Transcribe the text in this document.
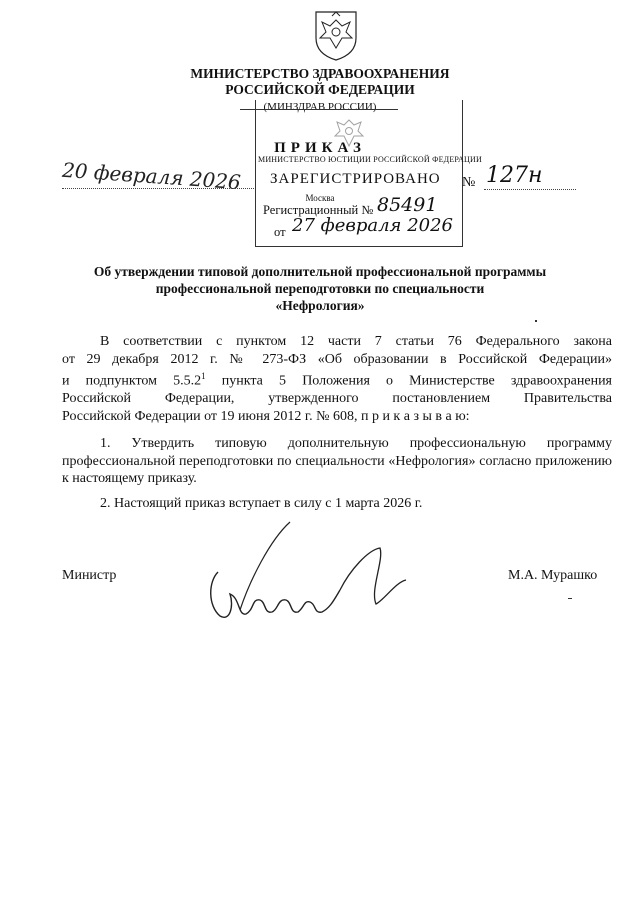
МИНИСТЕРСТВО ЗДРАВООХРАНЕНИЯ
РОССИЙСКОЙ ФЕДЕРАЦИИ
(МИНЗДРАВ РОССИИ)
ПРИКАЗ
МИНИСТЕРСТВО ЮСТИЦИИ РОССИЙСКОЙ ФЕДЕРАЦИИ
20 февраля 2026 ЗАРЕГИСТРИРОВАНО № 127н
Москва
Регистрационный № 85491
от 27 февраля 2026
Об утверждении типовой дополнительной профессиональной программы
профессиональной переподготовки по специальности
«Нефрология»
В соответствии с пунктом 12 части 7 статьи 76 Федерального закона
от 29 декабря 2012 г. № 273-ФЗ «Об образовании в Российской Федерации»
и подпунктом 5.5.2$^1$ пункта 5 Положения о Министерстве здравоохранения
Российской Федерации, утвержденного постановлением Правительства
Российской Федерации от 19 июня 2012 г. № 608, п р и к а з ы в а ю:
1. Утвердить типовую дополнительную профессиональную программу профессиональной переподготовки по специальности «Нефрология» согласно приложению к настоящему приказу.
2. Настоящий приказ вступает в силу с 1 марта 2026 г.
Министр	М.А. Мурашко
